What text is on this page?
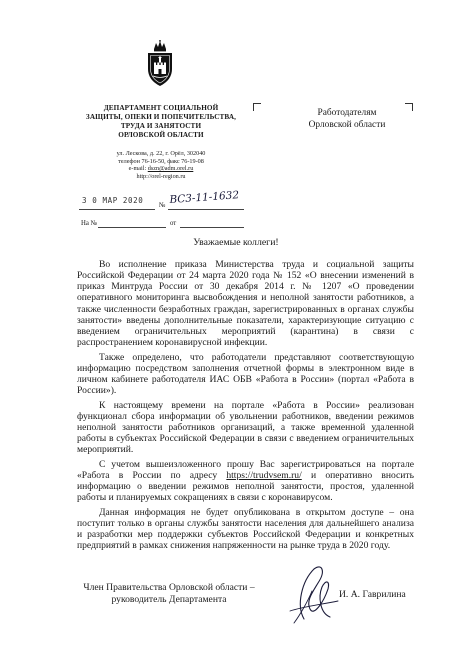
ДЕПАРТАМЕНТ СОЦИАЛЬНОЙ
ЗАЩИТЫ, ОПЕКИ И ПОПЕЧИТЕЛЬСТВА,
ТРУДА И ЗАНЯТОСТИ
ОРЛОВСКОЙ ОБЛАСТИ
ул. Лескова, д. 22, г. Орёл, 302040
телефон 76-16-50, факс 76-19-08
e-mail: dszn@adm.orel.ru
http://orel-region.ru
Работодателям
Орловской области
3 0 МАР 2020
№ ВС3-11-1632
На №	от
Уважаемые коллеги!

Во исполнение приказа Министерства труда и социальной защиты Российской Федерации от 24 марта 2020 года № 152 «О внесении изменений в приказ Минтруда России от 30 декабря 2014 г. № 1207 «О проведении оперативного мониторинга высвобождения и неполной занятости работников, а также численности безработных граждан, зарегистрированных в органах службы занятости» введены дополнительные показатели, характеризующие ситуацию с введением ограничительных мероприятий (карантина) в связи с распространением коронавирусной инфекции.

Также определено, что работодатели представляют соответствующую информацию посредством заполнения отчетной формы в электронном виде в личном кабинете работодателя ИАС ОБВ «Работа в России» (портал «Работа в России»).

К настоящему времени на портале «Работа в России» реализован функционал сбора информации об увольнении работников, введении режимов неполной занятости работников организаций, а также временной удаленной работы в субъектах Российской Федерации в связи с введением ограничительных мероприятий.

С учетом вышеизложенного прошу Вас зарегистрироваться на портале «Работа в России по адресу https://trudvsem.ru/ и оперативно вносить информацию о введении режимов неполной занятости, простоя, удаленной работы и планируемых сокращениях в связи с коронавирусом.

Данная информация не будет опубликована в открытом доступе – она поступит только в органы службы занятости населения для дальнейшего анализа и разработки мер поддержки субъектов Российской Федерации и конкретных предприятий в рамках снижения напряженности на рынке труда в 2020 году.

Член Правительства Орловской области –
руководитель Департамента	И. А. Гаврилина
